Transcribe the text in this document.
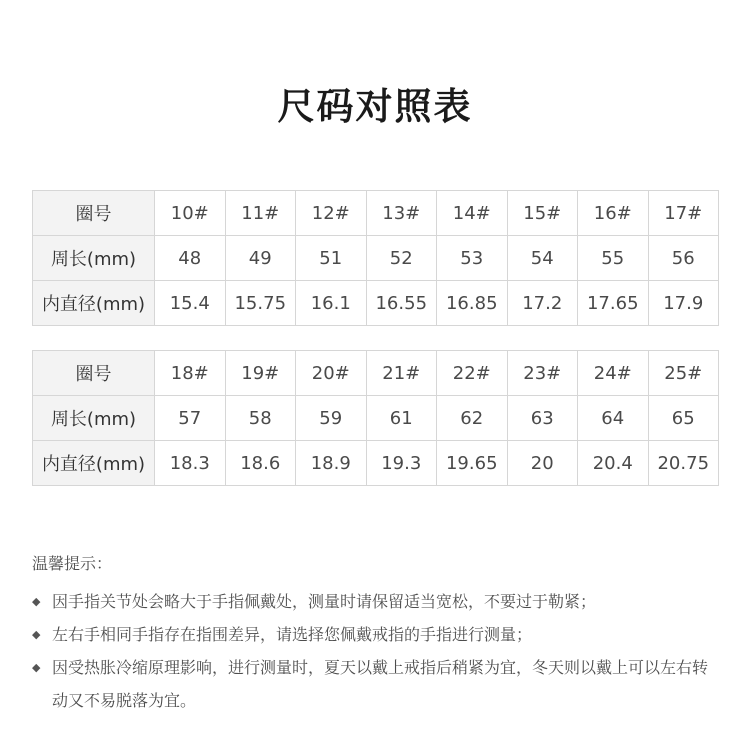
尺码对照表
圈号	10#	11#	12#	13#	14#	15#	16#	17#
周长(mm)	48	49	51	52	53	54	55	56
内直径(mm)	15.4	15.75	16.1	16.55	16.85	17.2	17.65	17.9
圈号	18#	19#	20#	21#	22#	23#	24#	25#
周长(mm)	57	58	59	61	62	63	64	65
内直径(mm)	18.3	18.6	18.9	19.3	19.65	20	20.4	20.75
温馨提示：
◆ 因手指关节处会略大于手指佩戴处，测量时请保留适当宽松，不要过于勒紧；
◆ 左右手相同手指存在指围差异，请选择您佩戴戒指的手指进行测量；
◆ 因受热胀冷缩原理影响，进行测量时，夏天以戴上戒指后稍紧为宜，冬天则以戴上可以左右转动又不易脱落为宜。
